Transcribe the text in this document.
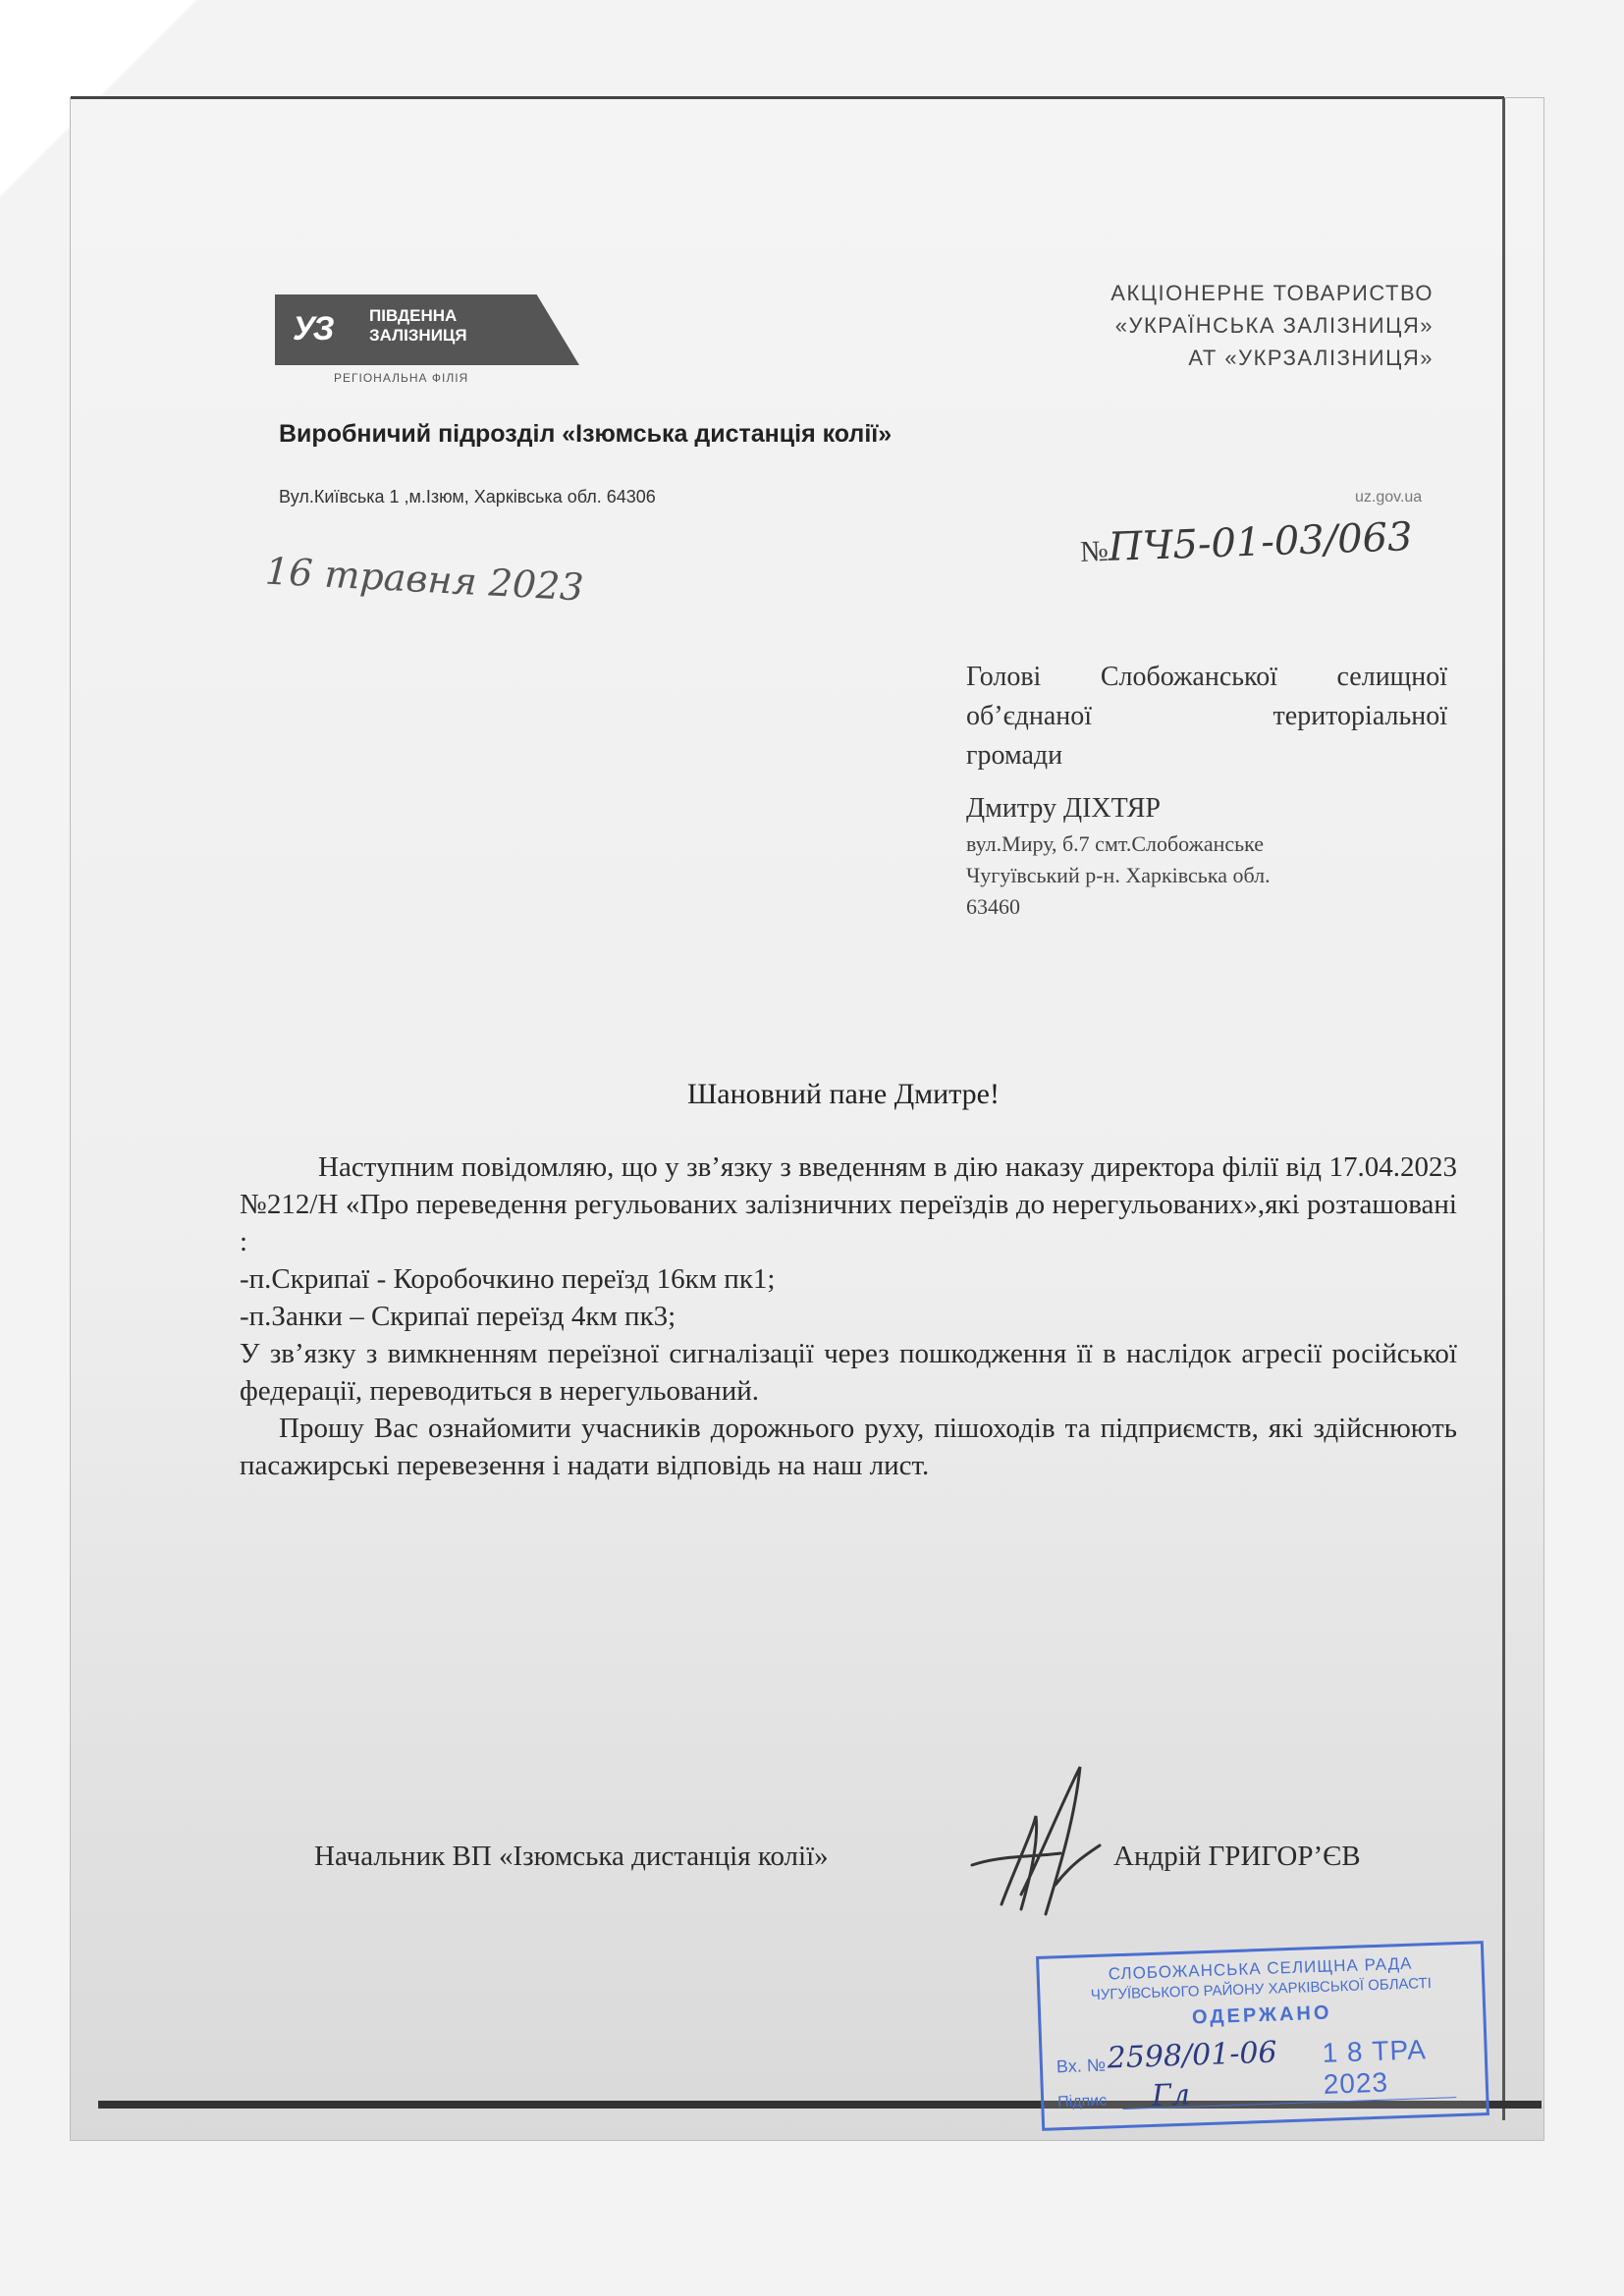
УЗ ПІВДЕННА
ЗАЛІЗНИЦЯ
РЕГІОНАЛЬНА ФІЛІЯ
АКЦІОНЕРНЕ ТОВАРИСТВО
«УКРАЇНСЬКА ЗАЛІЗНИЦЯ»
АТ «УКРЗАЛІЗНИЦЯ»
Виробничий підрозділ «Ізюмська дистанція колії»
Вул.Київська 1 ,м.Ізюм, Харківська обл. 64306	uz.gov.ua
16 травня 2023	№ПЧ5-01-03/063
Голові Слобожанської селищної
об’єднаної територіальної
громади
Дмитру ДІХТЯР
вул.Миру, б.7 смт.Слобожанське
Чугуївський р-н. Харківська обл.
63460
Шановний пане Дмитре!

Наступним повідомляю, що у зв’язку з введенням в дію наказу директора філії від 17.04.2023 №212/Н «Про переведення регульованих залізничних переїздів до нерегульованих»,які розташовані :

-п.Скрипаї - Коробочкино переїзд 16км пк1;

-п.Занки – Скрипаї переїзд 4км пк3;

У зв’язку з вимкненням переїзної сигналізації через пошкодження її в наслідок агресії російської федерації, переводиться в нерегульований.

Прошу Вас ознайомити учасників дорожнього руху, пішоходів та підприємств, які здійснюють пасажирські перевезення і надати відповідь на наш лист.

Начальник ВП «Ізюмська дистанція колії»	Андрій ГРИГОР’ЄВ
СЛОБОЖАНСЬКА СЕЛИЩНА РАДА
ЧУГУЇВСЬКОГО РАЙОНУ ХАРКІВСЬКОЇ ОБЛАСТІ
ОДЕРЖАНО
Вх. № 2598/01-06 1 8 ТРА 2023
Підпис Гл
